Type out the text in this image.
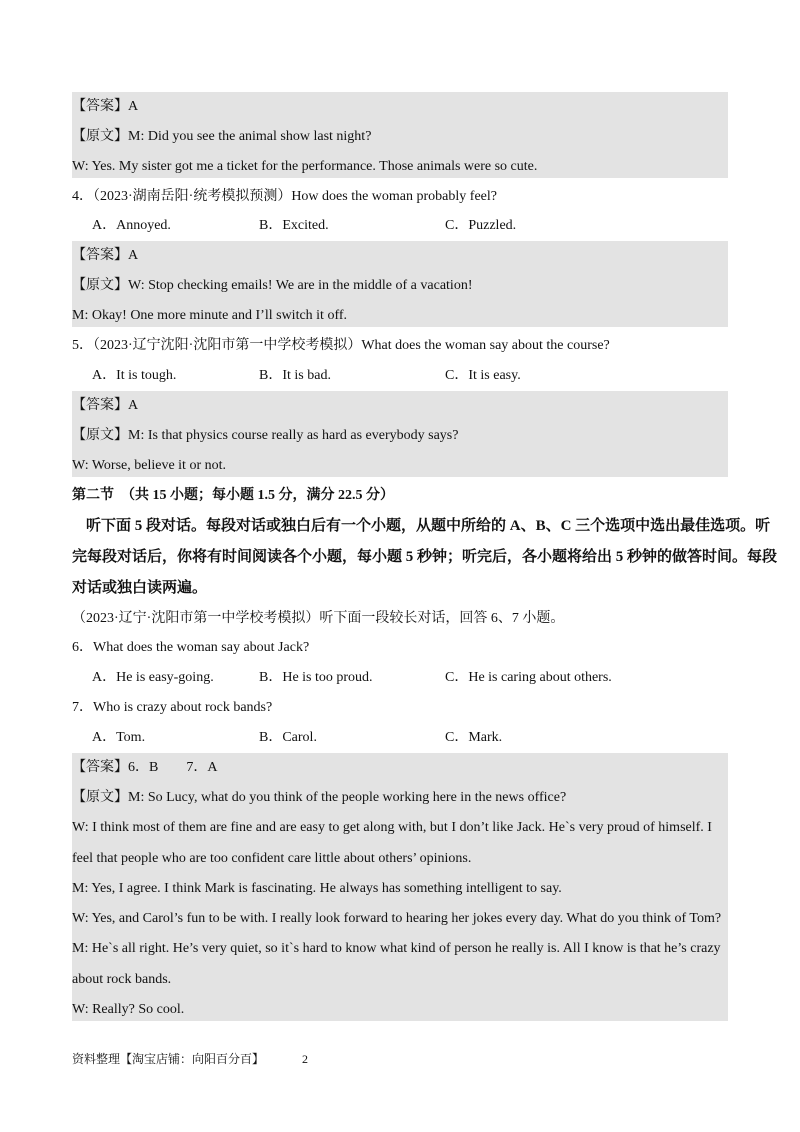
【答案】A
【原文】M: Did you see the animal show last night?
W: Yes. My sister got me a ticket for the performance. Those animals were so cute.
4．（2023·湖南岳阳·统考模拟预测）How does the woman probably feel?
A．Annoyed.	B．Excited.	C．Puzzled.
【答案】A
【原文】W: Stop checking emails! We are in the middle of a vacation!
M: Okay! One more minute and I’ll switch it off.
5．（2023·辽宁沈阳·沈阳市第一中学校考模拟）What does the woman say about the course?
A．It is tough.	B．It is bad.	C．It is easy.
【答案】A
【原文】M: Is that physics course really as hard as everybody says?
W: Worse, believe it or not.
第二节　（共 15 小题；每小题 1.5 分，满分 22.5 分）
听下面 5 段对话。每段对话或独白后有一个小题，从题中所给的 A、B、C 三个选项中选出最佳选项。听
完每段对话后，你将有时间阅读各个小题，每小题 5 秒钟；听完后，各小题将给出 5 秒钟的做答时间。每段
对话或独白读两遍。
（2023·辽宁·沈阳市第一中学校考模拟）听下面一段较长对话，回答 6、7 小题。
6．What does the woman say about Jack?
A．He is easy-going.	B．He is too proud.	C．He is caring about others.
7．Who is crazy about rock bands?
A．Tom.	B．Carol.	C．Mark.
【答案】6．B　　7．A
【原文】M: So Lucy, what do you think of the people working here in the news office?
W: I think most of them are fine and are easy to get along with, but I don’t like Jack. He`s very proud of himself. I
feel that people who are too confident care little about others’ opinions.
M: Yes, I agree. I think Mark is fascinating. He always has something intelligent to say.
W: Yes, and Carol’s fun to be with. I really look forward to hearing her jokes every day. What do you think of Tom?
M: He`s all right. He’s very quiet, so it`s hard to know what kind of person he really is. All I know is that he’s crazy
about rock bands.
W: Really? So cool.
资料整理【淘宝店铺：向阳百分百】	2
